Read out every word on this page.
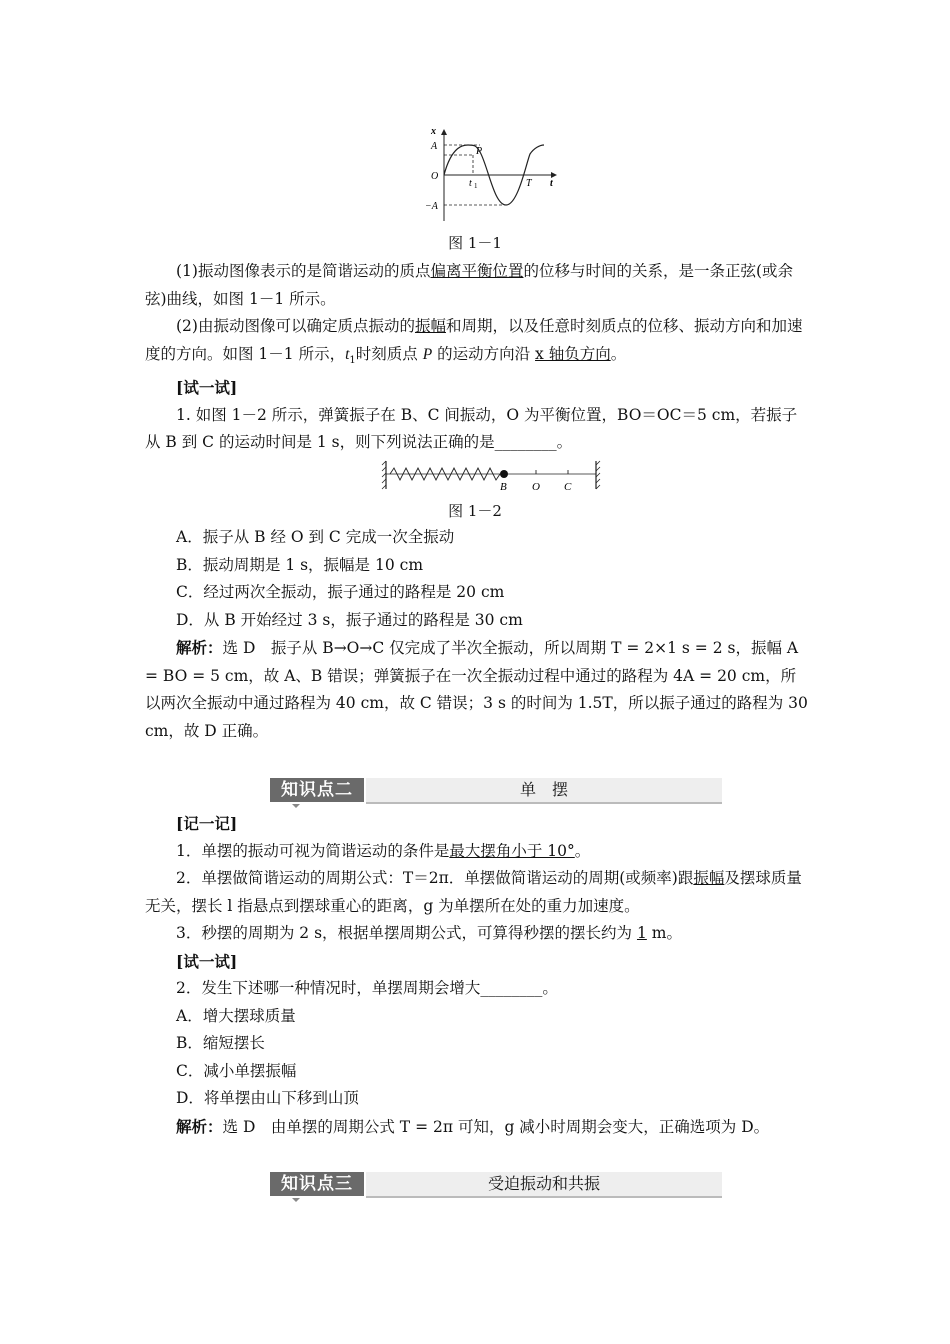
x
A	P
O
t 1	T t
−A
图 1－1

(1)振动图像表示的是简谐运动的质点偏离平衡位置的位移与时间的关系，是一条正弦(或余弦)曲线，如图 1－1 所示。

(2)由振动图像可以确定质点振动的振幅和周期，以及任意时刻质点的位移、振动方向和加速度的方向。如图 1－1 所示，$t_1$时刻质点 P 的运动方向沿 x 轴负方向。

[试一试]

1. 如图 1－2 所示，弹簧振子在 B、C 间振动，O 为平衡位置，BO＝OC＝5 cm，若振子从 B 到 C 的运动时间是 1 s，则下列说法正确的是________。

B O C
图 1－2

A．振子从 B 经 O 到 C 完成一次全振动

B．振动周期是 1 s，振幅是 10 cm

C．经过两次全振动，振子通过的路程是 20 cm

D．从 B 开始经过 3 s，振子通过的路程是 30 cm

解析：选 D　振子从 B→O→C 仅完成了半次全振动，所以周期 T = 2×1 s = 2 s，振幅 A = BO = 5 cm，故 A、B 错误；弹簧振子在一次全振动过程中通过的路程为 4A = 20 cm，所以两次全振动中通过路程为 40 cm，故 C 错误；3 s 的时间为 1.5T，所以振子通过的路程为 30 cm，故 D 正确。

知识点二	单　摆

[记一记]

1．单摆的振动可视为简谐运动的条件是最大摆角小于 10°。

2．单摆做简谐运动的周期公式：T＝2π．单摆做简谐运动的周期(或频率)跟振幅及摆球质量无关，摆长 l 指悬点到摆球重心的距离，g 为单摆所在处的重力加速度。

3．秒摆的周期为 2 s，根据单摆周期公式，可算得秒摆的摆长约为 1 m。

[试一试]

2．发生下述哪一种情况时，单摆周期会增大________。

A．增大摆球质量

B．缩短摆长

C．减小单摆振幅

D．将单摆由山下移到山顶

解析：选 D　由单摆的周期公式 T = 2π 可知，g 减小时周期会变大，正确选项为 D。

知识点三	受迫振动和共振
